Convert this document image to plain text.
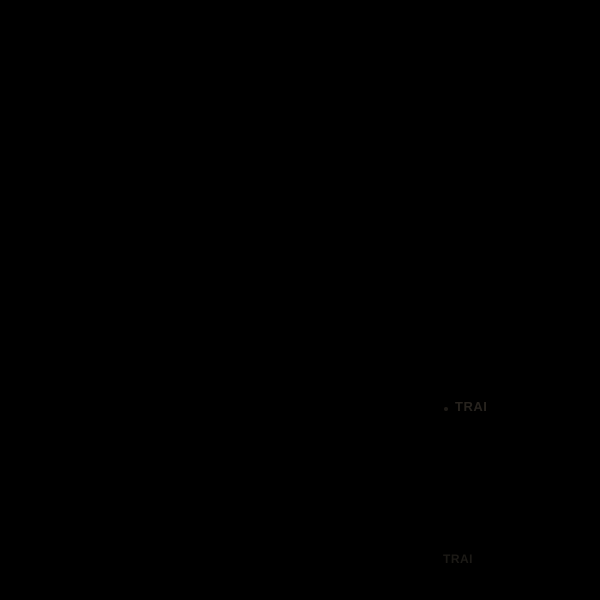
TRAI
TRAI
